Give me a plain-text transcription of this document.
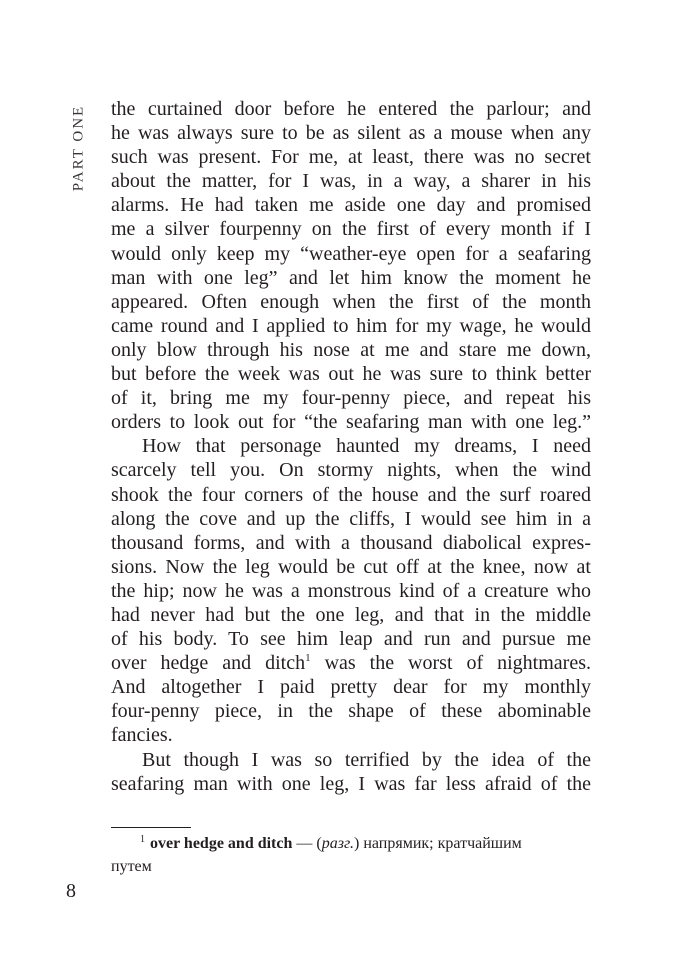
PART ONE the curtained door before he entered the parlour; and
he was always sure to be as silent as a mouse when any
such was present. For me, at least, there was no secret
about the matter, for I was, in a way, a sharer in his
alarms. He had taken me aside one day and promised
me a silver fourpenny on the first of every month if I
would only keep my “weather-eye open for a seafaring
man with one leg” and let him know the moment he
appeared. Often enough when the first of the month
came round and I applied to him for my wage, he would
only blow through his nose at me and stare me down,
but before the week was out he was sure to think better
of it, bring me my four-penny piece, and repeat his
orders to look out for “the seafaring man with one leg.”
How that personage haunted my dreams, I need
scarcely tell you. On stormy nights, when the wind
shook the four corners of the house and the surf roared
along the cove and up the cliffs, I would see him in a
thousand forms, and with a thousand diabolical expres-
sions. Now the leg would be cut off at the knee, now at
the hip; now he was a monstrous kind of a creature who
had never had but the one leg, and that in the middle
of his body. To see him leap and run and pursue me
over hedge and ditch$^1$ was the worst of nightmares.
And altogether I paid pretty dear for my monthly
four-penny piece, in the shape of these abominable
fancies.
But though I was so terrified by the idea of the
seafaring man with one leg, I was far less afraid of the
$^1$ over hedge and ditch — (разг.) напрямик; кратчайшим
путем
8
